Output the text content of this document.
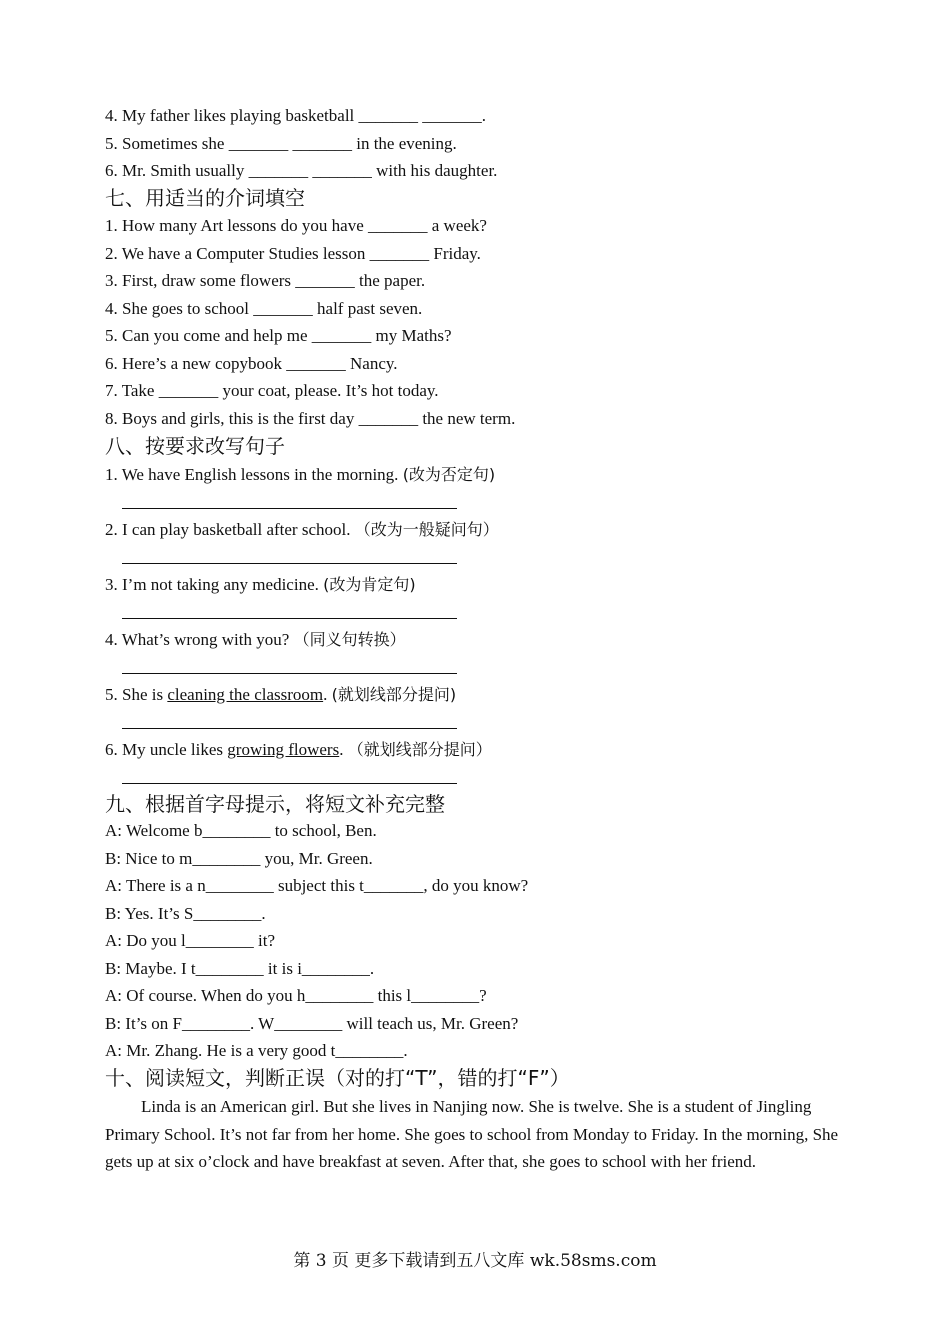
4. My father likes playing basketball _______ _______.
5. Sometimes she _______ _______ in the evening.
6. Mr. Smith usually _______ _______ with his daughter.
七、用适当的介词填空
1. How many Art lessons do you have _______ a week?
2. We have a Computer Studies lesson _______ Friday.
3. First, draw some flowers _______ the paper.
4. She goes to school _______ half past seven.
5. Can you come and help me _______ my Maths?
6. Here’s a new copybook _______ Nancy.
7. Take _______ your coat, please. It’s hot today.
8. Boys and girls, this is the first day _______ the new term.
八、按要求改写句子
1. We have English lessons in the morning. (改为否定句)
2. I can play basketball after school. （改为一般疑问句）
3. I’m not taking any medicine. (改为肯定句)
4. What’s wrong with you? （同义句转换）
5. She is cleaning the classroom. (就划线部分提问)
6. My uncle likes growing flowers. （就划线部分提问）
九、根据首字母提示，将短文补充完整
A: Welcome b________ to school, Ben.
B: Nice to m________ you, Mr. Green.
A: There is a n________ subject this t_______, do you know?
B: Yes. It’s S________.
A: Do you l________ it?
B: Maybe. I t________ it is i________.
A: Of course. When do you h________ this l________?
B: It’s on F________. W________ will teach us, Mr. Green?
A: Mr. Zhang. He is a very good t________.
十、阅读短文，判断正误（对的打“T”，错的打“F”）
Linda is an American girl. But she lives in Nanjing now. She is twelve. She is a student of Jingling Primary School. It’s not far from her home. She goes to school from Monday to Friday. In the morning, She gets up at six o’clock and have breakfast at seven. After that, she goes to school with her friend.
第 3 页 更多下载请到五八文库 wk.58sms.com
